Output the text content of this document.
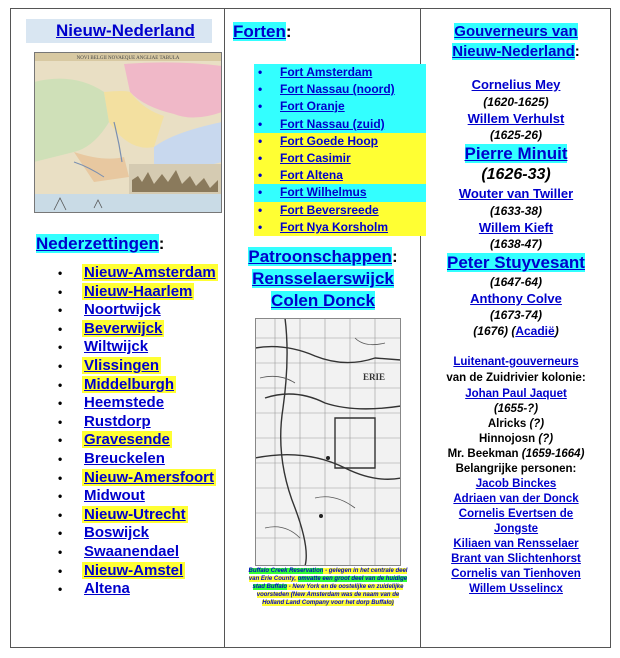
Nieuw-Nederland
NOVI BELGII NOVAEQUE ANGLIAE TABULA
Nederzettingen:
• Nieuw-Amsterdam
• Nieuw-Haarlem
• Noortwijck
• Beverwijck
• Wiltwijck
• Vlissingen
• Middelburgh
• Heemstede
• Rustdorp
• Gravesende
• Breuckelen
• Nieuw-Amersfoort
• Midwout
• Nieuw-Utrecht
• Boswijck
• Swaanendael
• Nieuw-Amstel
• Altena
Forten:
• Fort Amsterdam
• Fort Nassau (noord)
• Fort Oranje
• Fort Nassau (zuid)
• Fort Goede Hoop
• Fort Casimir
• Fort Altena
• Fort Wilhelmus
• Fort Beversreede
• Fort Nya Korsholm
Patroonschappen:
Rensselaerswijck
Colen Donck
ERIE
Buffalo Creek Reservation - gelegen in het centrale deel van Erie County, omvatte een groot deel van de huidige stad Buffalo - New York en de oostelijke en zuidelijke voorsteden (New Amsterdam was de naam van de Holland Land Company voor het dorp Buffalo)
Gouverneurs van
Nieuw-Nederland:
Cornelius Mey
(1620-1625)
Willem Verhulst
(1625-26)
Pierre Minuit
(1626-33)
Wouter van Twiller
(1633-38)
Willem Kieft
(1638-47)
Peter Stuyvesant
(1647-64)
Anthony Colve
(1673-74)
(1676) (Acadië)
Luitenant-gouverneurs
van de Zuidrivier kolonie:
Johan Paul Jaquet
(1655-?)
Alricks (?)
Hinnojosn (?)
Mr. Beekman (1659-1664)
Belangrijke personen:
Jacob Binckes
Adriaen van der Donck
Cornelis Evertsen de
Jongste
Kiliaen van Rensselaer
Brant van Slichtenhorst
Cornelis van Tienhoven
Willem Usselincx
